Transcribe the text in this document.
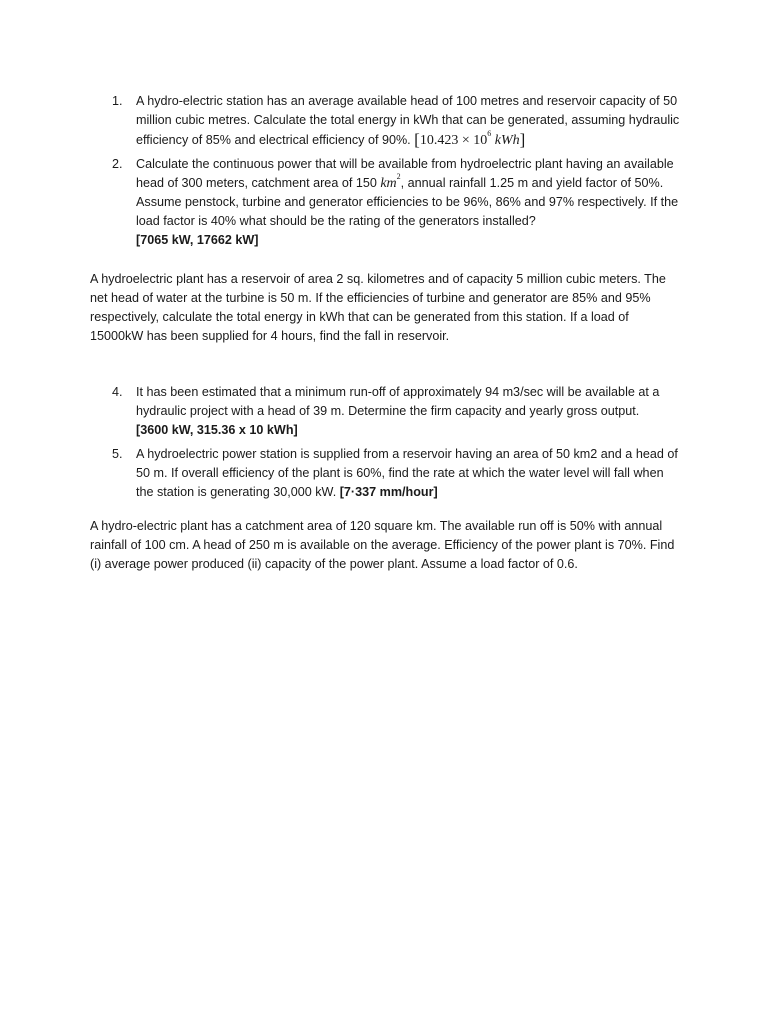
1. A hydro-electric station has an average available head of 100 metres and reservoir capacity of 50 million cubic metres. Calculate the total energy in kWh that can be generated, assuming hydraulic efficiency of 85% and electrical efficiency of 90%. [$10.423 \times 10^6$ kWh]
2. Calculate the continuous power that will be available from hydroelectric plant having an available head of 300 meters, catchment area of 150 $km^2$, annual rainfall 1.25 m and yield factor of 50%. Assume penstock, turbine and generator efficiencies to be 96%, 86% and 97% respectively. If the load factor is 40% what should be the rating of the generators installed?
[7065 kW, 17662 kW]

A hydroelectric plant has a reservoir of area 2 sq. kilometres and of capacity 5 million cubic meters. The net head of water at the turbine is 50 m. If the efficiencies of turbine and generator are 85% and 95% respectively, calculate the total energy in kWh that can be generated from this station. If a load of 15000kW has been supplied for 4 hours, find the fall in reservoir.

4. It has been estimated that a minimum run-off of approximately 94 m3/sec will be available at a hydraulic project with a head of 39 m. Determine the firm capacity and yearly gross output.
[3600 kW, 315.36 x 10 kWh]
5. A hydroelectric power station is supplied from a reservoir having an area of 50 km2 and a head of 50 m. If overall efficiency of the plant is 60%, find the rate at which the water level will fall when the station is generating 30,000 kW. [7·337 mm/hour]

A hydro-electric plant has a catchment area of 120 square km. The available run off is 50% with annual rainfall of 100 cm. A head of 250 m is available on the average. Efficiency of the power plant is 70%. Find (i) average power produced (ii) capacity of the power plant. Assume a load factor of 0.6.
